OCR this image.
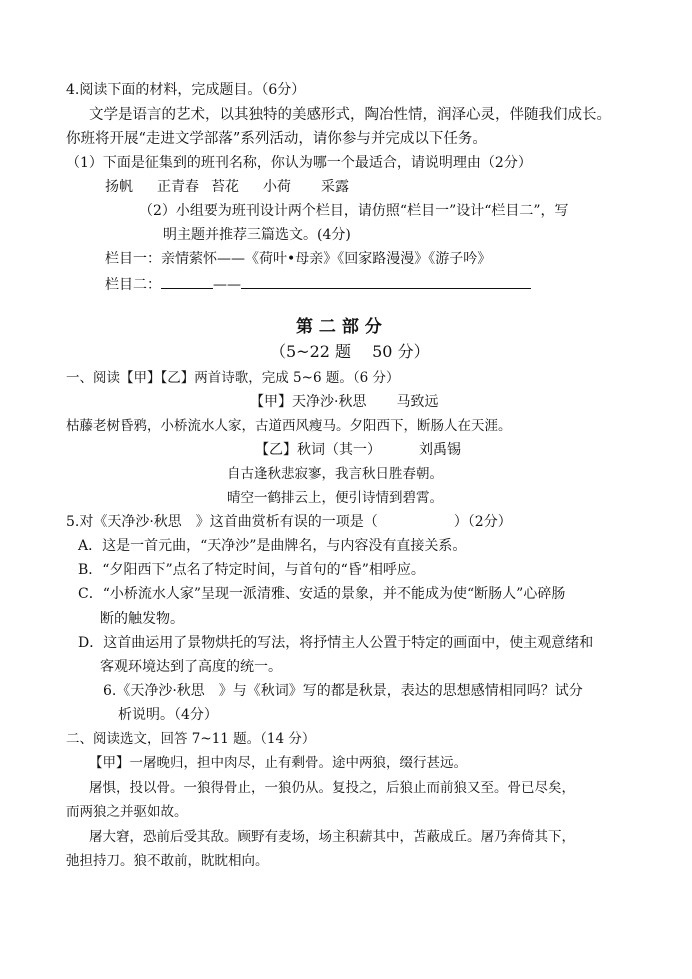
4.阅读下面的材料，完成题目。（6分）
文学是语言的艺术，以其独特的美感形式，陶冶性情，润泽心灵，伴随我们成长。
你班将开展“走进文学部落”系列活动，请你参与并完成以下任务。
（1）下面是征集到的班刊名称，你认为哪一个最适合，请说明理由（2分）
扬帆 正青春 苔花 小荷 采露
（2）小组要为班刊设计两个栏目，请仿照“栏目一”设计“栏目二”，写
明主题并推荐三篇选文。(4分)
栏目一：亲情萦怀——《荷叶•母亲》《回家路漫漫》《游子吟》
栏目二：	——
第 二 部 分
（5~22 题　 50 分）
一、阅读【甲】【乙】两首诗歌，完成 5~6 题。（6 分）
【甲】天净沙·秋思 马致远
枯藤老树昏鸦，小桥流水人家，古道西风瘦马。夕阳西下，断肠人在天涯。
【乙】秋词（其一）	刘禹锡
自古逢秋悲寂寥，我言秋日胜春朝。
晴空一鹤排云上，便引诗情到碧霄。
5.对《天净沙·秋思　》这首曲赏析有误的一项是（	）（2分）
A．这是一首元曲，“天净沙”是曲牌名，与内容没有直接关系。
B．“夕阳西下”点名了特定时间，与首句的“昏”相呼应。
C．“小桥流水人家”呈现一派清雅、安适的景象，并不能成为使“断肠人”心碎肠
断的触发物。
D．这首曲运用了景物烘托的写法，将抒情主人公置于特定的画面中，使主观意绪和
客观环境达到了高度的统一。
6.《天净沙·秋思　》与《秋词》写的都是秋景，表达的思想感情相同吗？试分
析说明。（4分）
二、阅读选文，回答 7~11 题。（14 分）
【甲】一屠晚归，担中肉尽，止有剩骨。途中两狼，缀行甚远。
屠惧，投以骨。一狼得骨止，一狼仍从。复投之，后狼止而前狼又至。骨已尽矣，
而两狼之并驱如故。
屠大窘，恐前后受其敌。顾野有麦场，场主积薪其中，苫蔽成丘。屠乃奔倚其下，
弛担持刀。狼不敢前，眈眈相向。
